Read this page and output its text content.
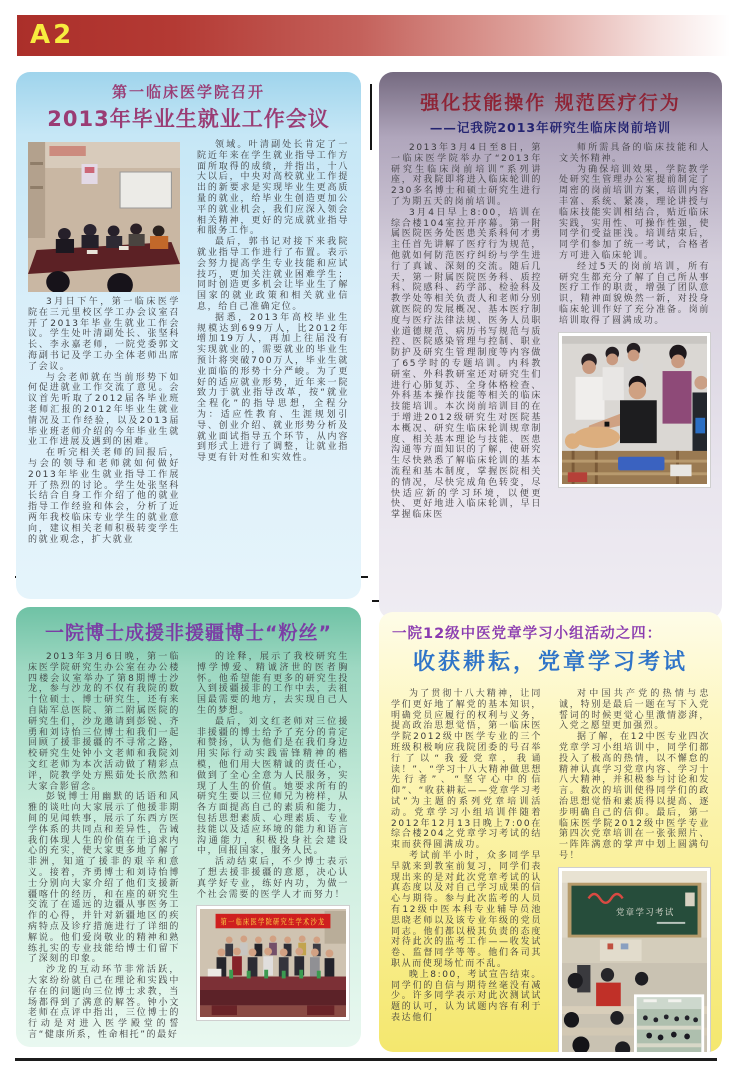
A2
第一临床医学院召开
2013年毕业生就业工作会议

3月日下午，第一临床医学院在三元里校区学工办会议室召开了2013年毕业生就业工作会议。学生处叶清副处长、张坚科长、李永嘉老师，一院党委郭文海副书记及学工办全体老师出席了会议。

与会老师就在当前形势下如何促进就业工作交流了意见。会议首先听取了2012届各毕业班老师汇报的2012年毕业生就业情况及工作经验，以及2013届毕业班老师介绍的今年毕业生就业工作进展及遇到的困难。

在听完相关老师的回报后，与会的领导和老师就如何做好2013年毕业生就业指导工作展开了热烈的讨论。学生处张坚科长结合自身工作介绍了他的就业指导工作经验和体会，分析了近两年我校临床专业学生的就业意向，建议相关老师积极转变学生的就业观念，扩大就业

领域。叶清副处长肯定了一院近年来在学生就业指导工作方面所取得的成绩，并指出，十八大以后，中央对高校就业工作提出的新要求是实现毕业生更高质量的就业，给毕业生创造更加公平的就业机会，我们应深入领会相关精神，更好的完成就业指导和服务工作。

最后，郭书记对接下来我院就业指导工作进行了布置。表示会努力提高学生专业技能和应试技巧，更加关注就业困难学生；同时创造更多机会让毕业生了解国家的就业政策和相关就业信息，给自己准确定位。

据悉，2013年高校毕业生规模达到699万人，比2012年增加19万人，再加上往届没有实现就业的，需要就业的毕业生预计将突破700万人，毕业生就业面临的形势十分严峻。为了更好的适应就业形势，近年来一院致力于就业指导改革，按“就业全程化”的指导思想，全程分为：适应性教育、生涯规划引导、创业介绍、就业形势分析及就业面试指导五个环节，从内容到形式上进行了调整，让就业指导更有针对性和实效性。

强化技能操作 规范医疗行为
——记我院2013年研究生临床岗前培训

2013年3月4日至8日，第一临床医学院举办了“2013年研究生临床岗前培训”系列讲座，对我院即将进入临床轮训的230多名博士和硕士研究生进行了为期五天的岗前培训。

3月4日早上8:00，培训在综合楼104室拉开序幕。第一附属医院医务处医患关系科何才勇主任首先讲解了医疗行为规范，他就如何防范医疗纠纷与学生进行了真诚、深刻的交流。随后几天，第一附属医院医务科、质控科、院感科、药学部、检验科及教学处等相关负责人和老师分别就医院的发展概况、基本医疗制度与医疗法律法规、医务人员职业道德规范、病历书写规范与质控、医院感染管理与控制、职业防护及研究生管理制度等内容做了65学时的专题培训。内科教研室、外科教研室还对研究生们进行心肺复苏、全身体格检查、外科基本操作技能等相关的临床技能培训。本次岗前培训目的在于增进2012级研究生对医院基本概况、研究生临床轮训规章制度、相关基本理论与技能、医患沟通等方面知识的了解，使研究生尽快熟悉了解临床轮训的基本流程和基本制度，掌握医院相关的情况，尽快完成角色转变，尽快适应新的学习环境，以便更快、更好地进入临床轮训，早日掌握临床医

师所需具备的临床技能和人文关怀精神。

为确保培训效果，学院教学处研究生管理办公室提前制定了周密的岗前培训方案，培训内容丰富、系统、紧凑，理论讲授与临床技能实训相结合，贴近临床实践，实用性、可操作性强，使同学们受益匪浅。培训结束后，同学们参加了统一考试，合格者方可进入临床轮训。

经过5天的岗前培训，所有研究生都充分了解了自己所从事医疗工作的职责，增强了团队意识，精神面貌焕然一新，对投身临床轮训作好了充分准备。岗前培训取得了圆满成功。

一院博士成援非援疆博士“粉丝”

2013年3月6日晚，第一临床医学院研究生办公室在办公楼四楼会议室举办了第8期博士沙龙，参与沙龙的不仅有我院的数十位硕士、博士研究生，还有来自陆军总医院、第二附属医院的研究生们，沙龙邀请到彭锐、齐勇和刘诗怡三位博士和我们一起回顾了援非援疆的不寻常之路，校研究生处钟小文老师和我院刘文红老师为本次活动做了精彩点评，院教学处方熙茹处长欣然和大家合影留念。

彭锐博士用幽默的话语和风雅的谈吐向大家展示了他援非期间的见闻轶事，展示了东西方医学体系的共同点和差异性，告诫我们体现人生的价值在于追求内心的充实，使大家更多地了解了非洲，知道了援非的艰辛和意义。接着，齐勇博士和刘诗怡博士分别向大家介绍了他们支援新疆喀什的经历，和在座的研究生交流了在遥远的边疆从事医务工作的心得，并针对新疆地区的疾病特点及诊疗措施进行了详细的解说。他们爱岗敬业的精神和熟练扎实的专业技能给博士们留下了深刻的印象。

沙龙的互动环节非常活跃，大家纷纷就自己在理论和实践中存在的问题向三位博士求教，当场都得到了满意的解答。钟小文老师在点评中指出，三位博士的行动是对进入医学殿堂的誓言“健康所系，性命相托”的最好

的诠释，展示了我校研究生博学博爱、精诚济世的医者胸怀。他希望能有更多的研究生投入到援疆援非的工作中去，去祖国最需要的地方，去实现自己人生的梦想。

最后，刘文红老师对三位援非援疆的博士给予了充分的肯定和赞扬，认为他们是在我们身边用实际行动实践雷锋精神的楷模，他们用大医精诚的责任心，做到了全心全意为人民服务，实现了人生的价值。她要求所有的研究生要以三位师兄为榜样，从各方面提高自己的素质和能力，包括思想素质、心理素质、专业技能以及适应环境的能力和语言沟通能力，积极投身社会建设中，回报国家，服务人民。

活动结束后，不少博士表示了想去援非援疆的意愿，决心认真学好专业，练好内功，为做一个社会需要的医学人才而努力！

第一临床医学院研究生学术沙龙
一院12级中医党章学习小组活动之四：
收获耕耘，党章学习考试

为了贯彻十八大精神，让同学们更好地了解党的基本知识，明确党员应履行的权利与义务，提高政治思想觉悟，第一临床医学院2012级中医学专业的三个班级积极响应我院团委的号召举行了以“我爱党章，我诵读！”、“学习十八大精神做思想先行者”、“坚守心中的信仰”、“收获耕耘——党章学习考试”为主题的系列党章培训活动。党章学习小组培训伴随着2012年12月13日晚上7:00在综合楼204之党章学习考试的结束而获得圆满成功。

考试前半小时，众多同学早早就来到教室前复习，同学们表现出来的是对此次党章考试的认真态度以及对自己学习成果的信心与期待。参与此次监考的人员有12级中医本科专业辅导员池思晓老师以及该专业年级的党员同志。他们都以极其负责的态度对待此次的监考工作——收发试卷、监督同学等等。他们各司其职从而使现场忙而不乱。

晚上8:00，考试宣告结束。同学们的自信与期待丝毫没有减少。许多同学表示对此次测试试题的认可，认为试题内容有利于表达他们

对中国共产党的热情与忠诚，特别是最后一题在写下入党誓词的时候更觉心里激情澎湃，入党之愿望更加强烈。

据了解，在12中医专业四次党章学习小组培训中，同学们都投入了极高的热情，以不懈怠的精神认真学习党章内容、学习十八大精神，并积极参与讨论和发言。数次的培训使得同学们的政治思想觉悟和素质得以提高、逐步明确自己的信仰。最后，第一临床医学院2012级中医学专业第四次党章培训在一张张照片、一阵阵满意的掌声中划上圆满句号！

党章学习考试
